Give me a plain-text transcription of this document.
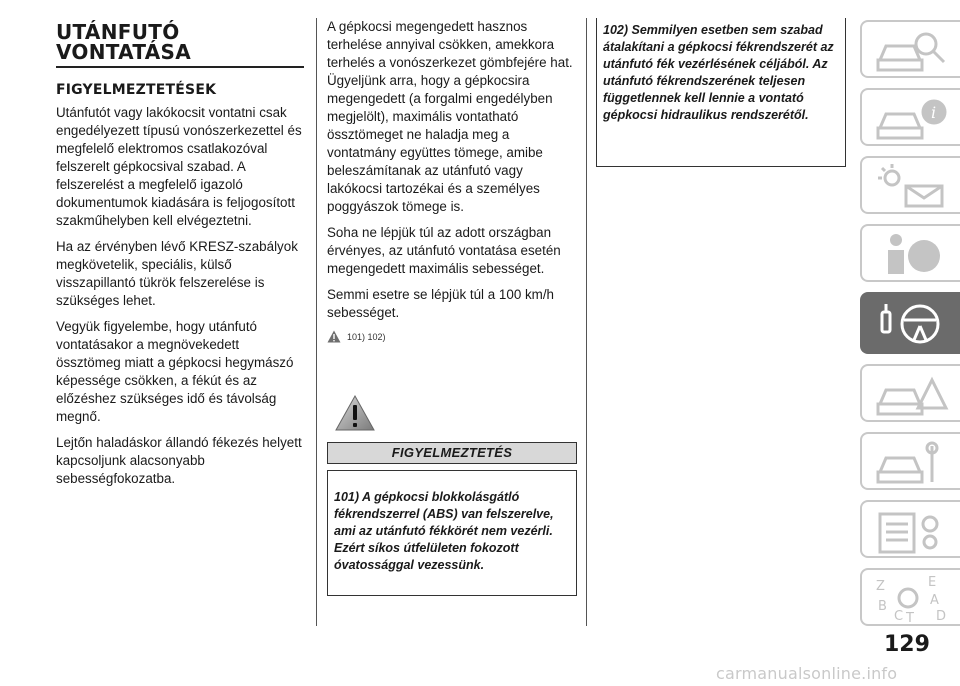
UTÁNFUTÓ
VONTATÁSA
FIGYELMEZTETÉSEK

Utánfutót vagy lakókocsit vontatni csak engedélyezett típusú vonószerkezettel és megfelelő elektromos csatlakozóval felszerelt gépkocsival szabad. A felszerelést a megfelelő igazoló dokumentumok kiadására is feljogosított szakműhelyben kell elvégeztetni.

Ha az érvényben lévő KRESZ-szabályok megkövetelik, speciális, külső visszapillantó tükrök felszerelése is szükséges lehet.

Vegyük figyelembe, hogy utánfutó vontatásakor a megnövekedett össztömeg miatt a gépkocsi hegymászó képessége csökken, a fékút és az előzéshez szükséges idő és távolság megnő.

Lejtőn haladáskor állandó fékezés helyett kapcsoljunk alacsonyabb sebességfokozatba.

A gépkocsi megengedett hasznos terhelése annyival csökken, amekkora terhelés a vonószerkezet gömbfejére hat. Ügyeljünk arra, hogy a gépkocsira megengedett (a forgalmi engedélyben megjelölt), maximális vontatható össztömeget ne haladja meg a vontatmány együttes tömege, amibe beleszámítanak az utánfutó vagy lakókocsi tartozékai és a személyes poggyászok tömege is.

Soha ne lépjük túl az adott országban érvényes, az utánfutó vontatása esetén megengedett maximális sebességet.

Semmi esetre se lépjük túl a 100 km/h sebességet.

101) 102)
FIGYELMEZTETÉS

101) A gépkocsi blokkolásgátló fékrendszerrel (ABS) van felszerelve, ami az utánfutó fékkörét nem vezérli. Ezért síkos útfelületen fokozott óvatossággal vezessünk.

102) Semmilyen esetben sem szabad átalakítani a gépkocsi fékrendszerét az utánfutó fék vezérlésének céljából. Az utánfutó fékrendszerének teljesen függetlennek kell lennie a vontató gépkocsi hidraulikus rendszerétől.	i
Z	E
A
B
C T D
129
carmanualsonline.info
